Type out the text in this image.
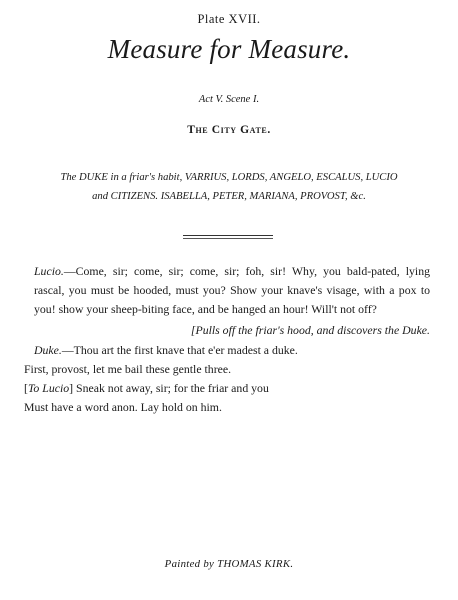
Plate XVII.
Measure for Measure.
Act V. Scene I.
The City Gate.
The DUKE in a friar's habit, VARRIUS, LORDS, ANGELO, ESCALUS, LUCIO
and CITIZENS. ISABELLA, PETER, MARIANA, PROVOST, &c.
Lucio.—Come, sir; come, sir; come, sir; foh, sir! Why, you bald-pated, lying
rascal, you must be hooded, must you? Show your knave's visage, with a pox to
you! show your sheep-biting face, and be hanged an hour! Will't not off?
[Pulls off the friar's hood, and discovers the Duke.
Duke.—Thou art the first knave that e'er madest a duke.
First, provost, let me bail these gentle three.
[To Lucio] Sneak not away, sir; for the friar and you
Must have a word anon. Lay hold on him.
Painted by THOMAS KIRK.
